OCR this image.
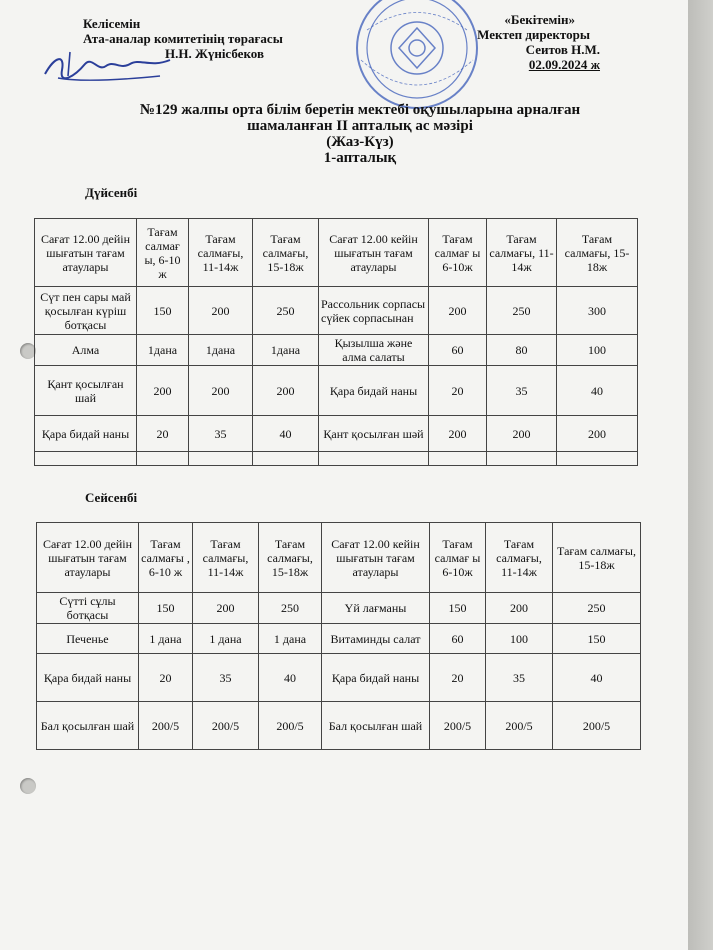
Келісемін
Ата-аналар комитетінің төрағасы
Н.Н. Жүнісбеков
«Бекітемін»
Мектеп директоры
Сеитов Н.М.
02.09.2024 ж
№129 жалпы орта білім беретін мектебі оқушыларына арналған
шамаланған II апталық ас мәзірі
(Жаз-Күз)
1-апталық
Дүйсенбі
Сағат 12.00 дейін шығатын тағам атаулары	Тағам салмағ ы, 6-10 ж	Тағам салмағы, 11-14ж	Тағам салмағы, 15-18ж	Сағат 12.00 кейін шығатын тағам атаулары	Тағам салмағ ы 6-10ж	Тағам салмағы, 11-14ж	Тағам салмағы, 15-18ж
Сүт пен сары май қосылған күріш ботқасы	150	200	250	Рассольник сорпасы сүйек сорпасынан	200	250	300
Алма	1дана	1дана	1дана	Қызылша және алма салаты	60	80	100
Қант қосылған шай	200	200	200	Қара бидай наны	20	35	40
Қара бидай наны	20	35	40	Қант қосылған шәй	200	200	200

Сейсенбі
Сағат 12.00 дейін шығатын тағам атаулары	Тағам салмағы , 6-10 ж	Тағам салмағы, 11-14ж	Тағам салмағы, 15-18ж	Сағат 12.00 кейін шығатын тағам атаулары	Тағам салмағ ы 6-10ж	Тағам салмағы, 11-14ж	Тағам салмағы, 15-18ж
Сүтті сұлы ботқасы	150	200	250	Үй лағманы	150	200	250
Печенье	1 дана	1 дана	1 дана	Витаминды салат	60	100	150
Қара бидай наны	20	35	40	Қара бидай наны	20	35	40
Бал қосылған шай	200/5	200/5	200/5	Бал қосылған шай	200/5	200/5	200/5
